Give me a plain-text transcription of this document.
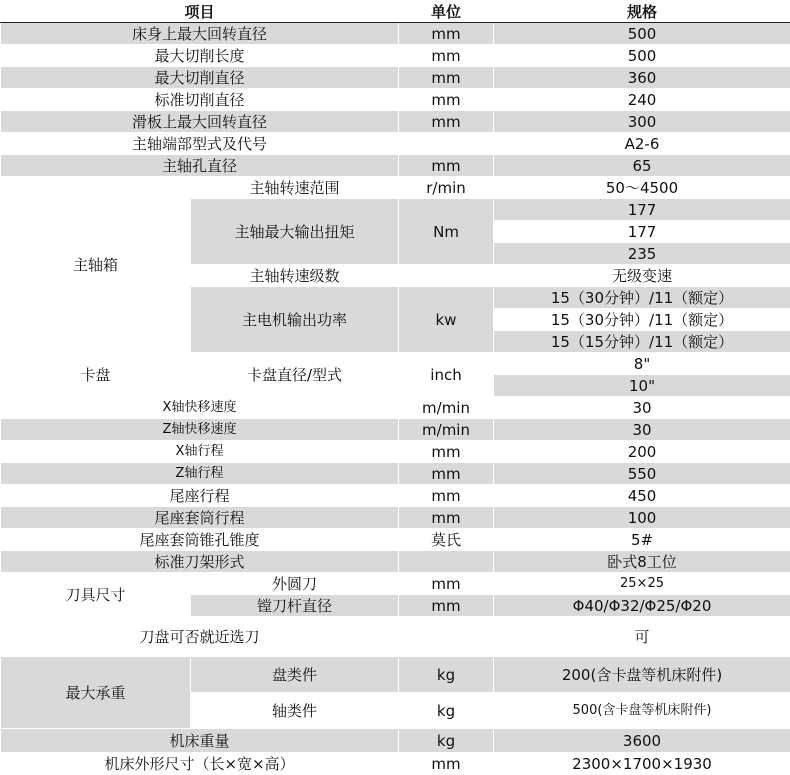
项目		单位	规格
床身上最大回转直径		mm	500
最大切削长度		mm	500
最大切削直径		mm	360
标准切削直径		mm	240
滑板上最大回转直径		mm	300
主轴端部型式及代号			A2-6
主轴孔直径		mm	65
主轴箱	主轴转速范围	r/min	50～4500
	主轴最大输出扭矩	Nm	177
			177
			235
	主轴转速级数		无级变速
	主电机输出功率	kw	15（30分钟）/11（额定）
			15（30分钟）/11（额定）
			15（15分钟）/11（额定）
卡盘	卡盘直径/型式	inch	8"
			10"
X轴快移速度		m/min	30
Z轴快移速度		m/min	30
X轴行程		mm	200
Z轴行程		mm	550
尾座行程		mm	450
尾座套筒行程		mm	100
尾座套筒锥孔锥度		莫氏	5#
标准刀架形式			卧式8工位
刀具尺寸	外圆刀	mm	25×25
	镗刀杆直径	mm	Φ40/Φ32/Φ25/Φ20
刀盘可否就近选刀			可
最大承重	盘类件	kg	200(含卡盘等机床附件)
	轴类件	kg	500(含卡盘等机床附件)
机床重量		kg	3600
机床外形尺寸（长×宽×高）		mm	2300×1700×1930
